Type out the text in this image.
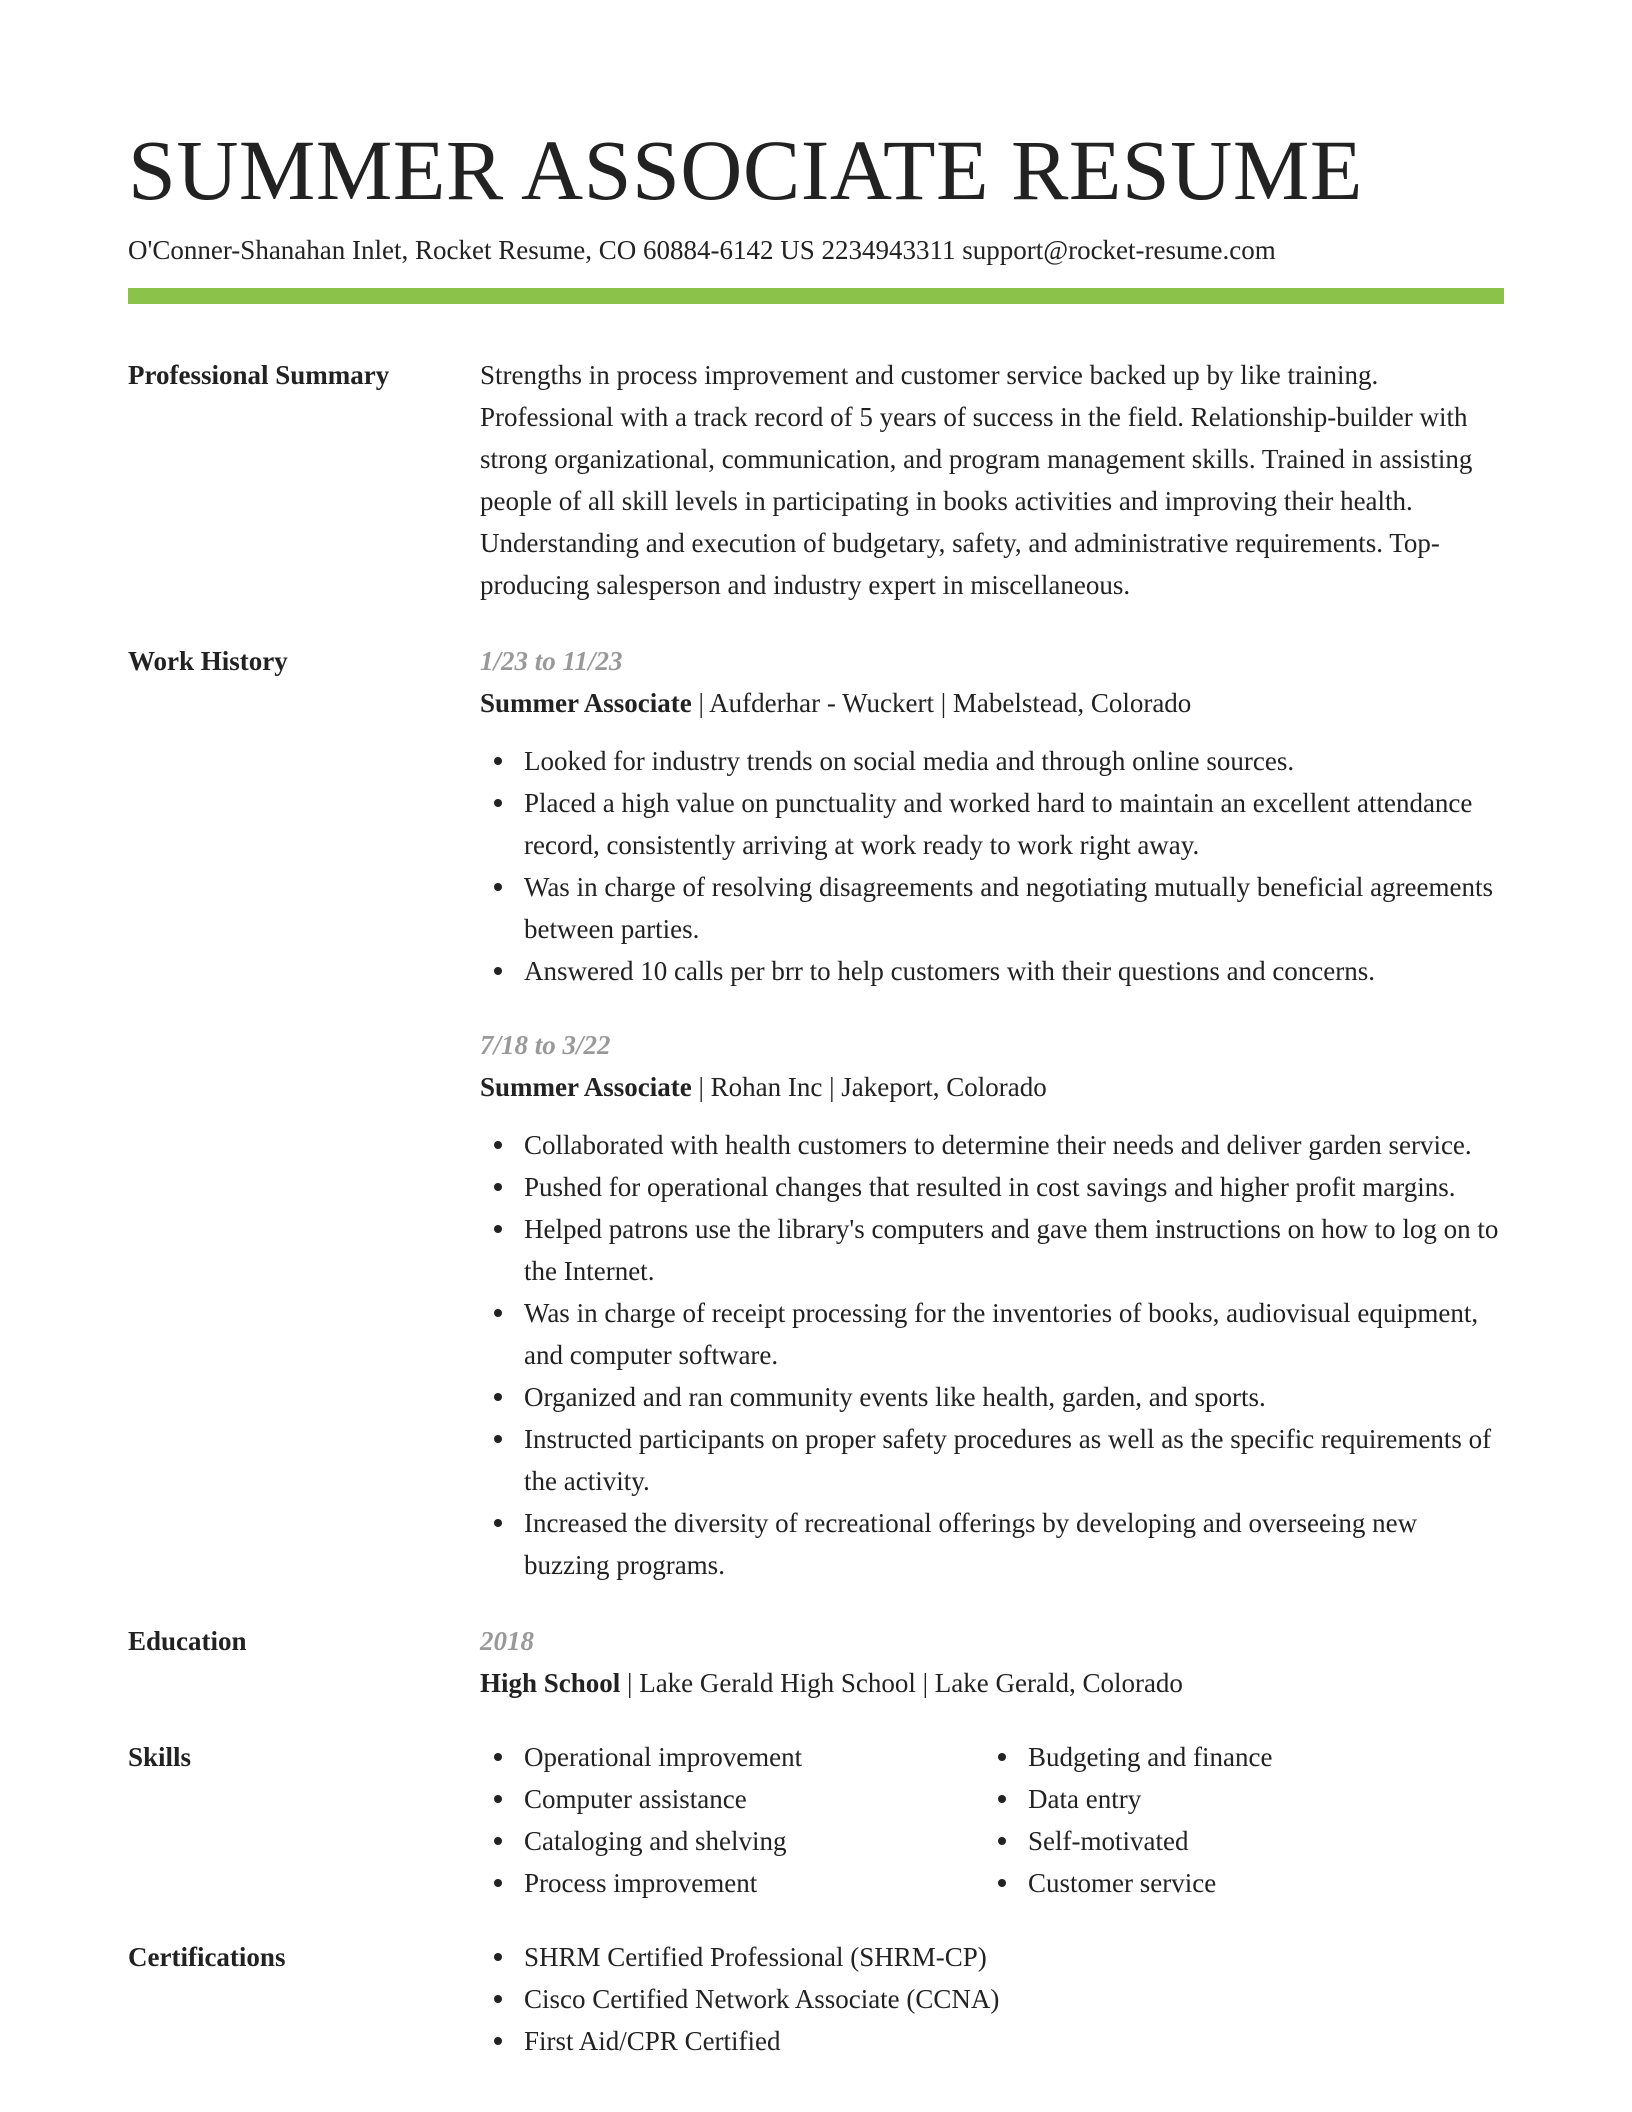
SUMMER ASSOCIATE RESUME
O'Conner-Shanahan Inlet, Rocket Resume, CO 60884-6142 US 2234943311 support@rocket-resume.com
Professional Summary	Strengths in process improvement and customer service backed up by like training. Professional with a track record of 5 years of success in the field. Relationship-builder with strong organizational, communication, and program management skills. Trained in assisting people of all skill levels in participating in books activities and improving their health. Understanding and execution of budgetary, safety, and administrative requirements. Top-producing salesperson and industry expert in miscellaneous.
Work History	1/23 to 11/23
Summer Associate | Aufderhar - Wuckert | Mabelstead, Colorado
Looked for industry trends on social media and through online sources.
Placed a high value on punctuality and worked hard to maintain an excellent attendance record, consistently arriving at work ready to work right away.
Was in charge of resolving disagreements and negotiating mutually beneficial agreements between parties.
Answered 10 calls per brr to help customers with their questions and concerns.
7/18 to 3/22
Summer Associate | Rohan Inc | Jakeport, Colorado
Collaborated with health customers to determine their needs and deliver garden service.
Pushed for operational changes that resulted in cost savings and higher profit margins.
Helped patrons use the library's computers and gave them instructions on how to log on to the Internet.
Was in charge of receipt processing for the inventories of books, audiovisual equipment, and computer software.
Organized and ran community events like health, garden, and sports.
Instructed participants on proper safety procedures as well as the specific requirements of the activity.
Increased the diversity of recreational offerings by developing and overseeing new buzzing programs.
Education	2018
High School | Lake Gerald High School | Lake Gerald, Colorado
Skills	Operational improvement
Computer assistance
Cataloging and shelving
Process improvement
Budgeting and finance
Data entry
Self-motivated
Customer service
Certifications	SHRM Certified Professional (SHRM-CP)
Cisco Certified Network Associate (CCNA)
First Aid/CPR Certified
